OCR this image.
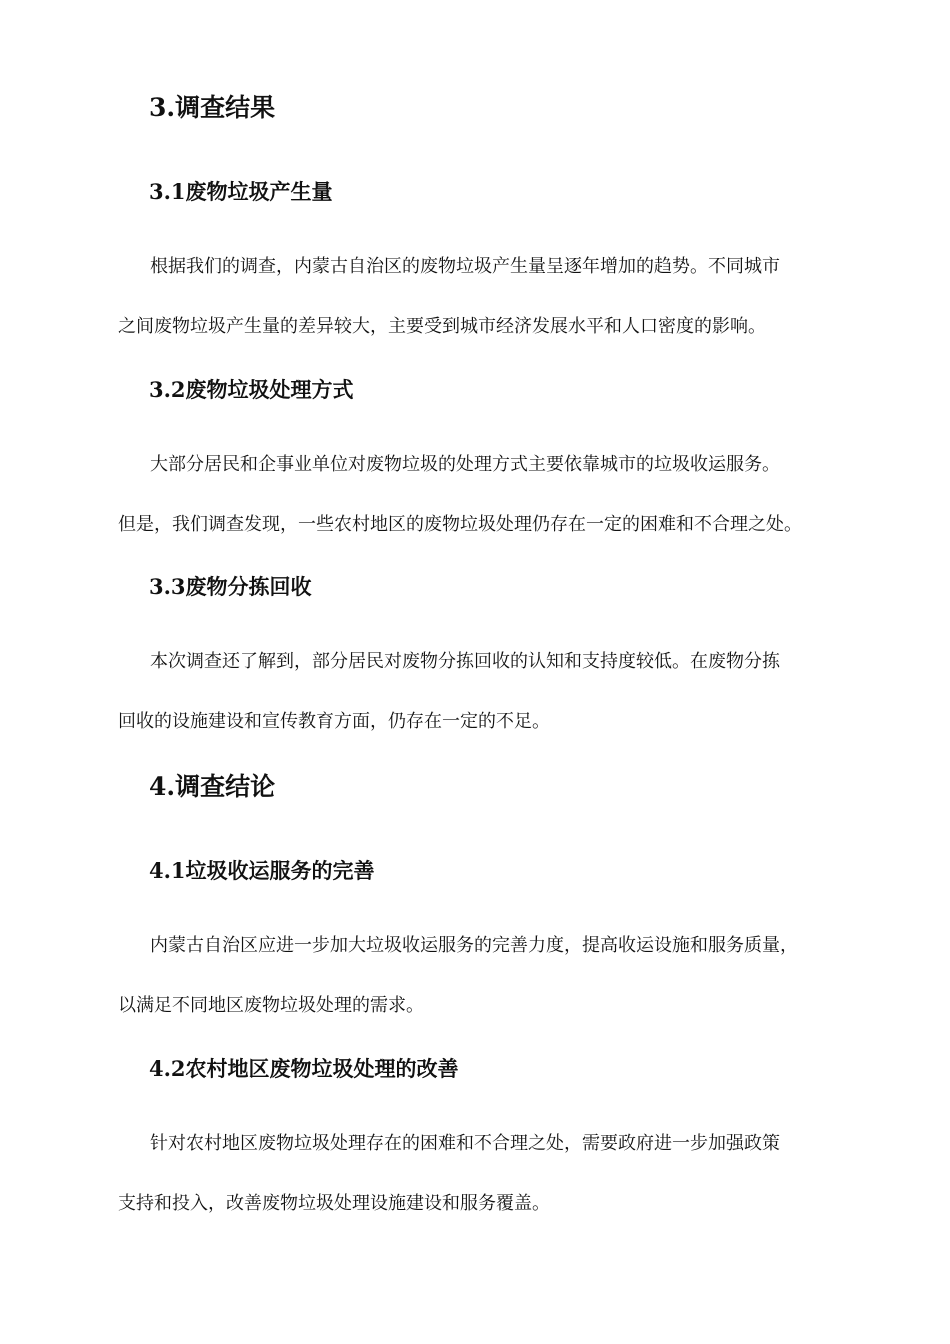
3.调查结果
3.1废物垃圾产生量
根据我们的调查，内蒙古自治区的废物垃圾产生量呈逐年增加的趋势。不同城市
之间废物垃圾产生量的差异较大，主要受到城市经济发展水平和人口密度的影响。
3.2废物垃圾处理方式
大部分居民和企事业单位对废物垃圾的处理方式主要依靠城市的垃圾收运服务。
但是，我们调查发现，一些农村地区的废物垃圾处理仍存在一定的困难和不合理之处。
3.3废物分拣回收
本次调查还了解到，部分居民对废物分拣回收的认知和支持度较低。在废物分拣
回收的设施建设和宣传教育方面，仍存在一定的不足。
4.调查结论
4.1垃圾收运服务的完善
内蒙古自治区应进一步加大垃圾收运服务的完善力度，提高收运设施和服务质量，
以满足不同地区废物垃圾处理的需求。
4.2农村地区废物垃圾处理的改善
针对农村地区废物垃圾处理存在的困难和不合理之处，需要政府进一步加强政策
支持和投入，改善废物垃圾处理设施建设和服务覆盖。
